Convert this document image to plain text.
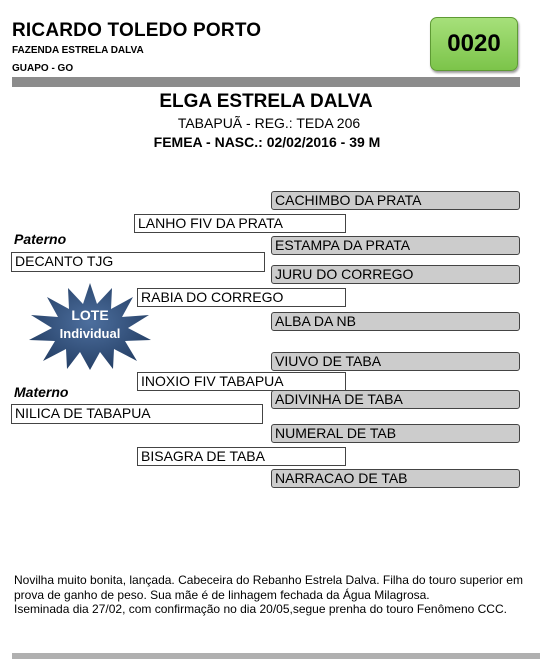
RICARDO TOLEDO PORTO
FAZENDA ESTRELA DALVA
GUAPO - GO
0020
ELGA ESTRELA DALVA
TABAPUÃ - REG.: TEDA 206
FEMEA - NASC.: 02/02/2016 - 39 M
CACHIMBO DA PRATA
ESTAMPA DA PRATA
JURU DO CORREGO
ALBA DA NB
VIUVO DE TABA
ADIVINHA DE TABA
NUMERAL DE TAB
NARRACAO DE TAB
LANHO FIV DA PRATA
RABIA DO CORREGO
INOXIO FIV TABAPUA
BISAGRA DE TABA
Paterno
DECANTO TJG
Materno
NILICA DE TABAPUA
LOTE
Individual
Novilha muito bonita, lançada. Cabeceira do Rebanho Estrela Dalva. Filha do touro superior em prova de ganho de peso. Sua mãe é de linhagem fechada da Água Milagrosa.
Iseminada dia 27/02, com confirmação no dia 20/05,segue prenha do touro Fenômeno CCC.
